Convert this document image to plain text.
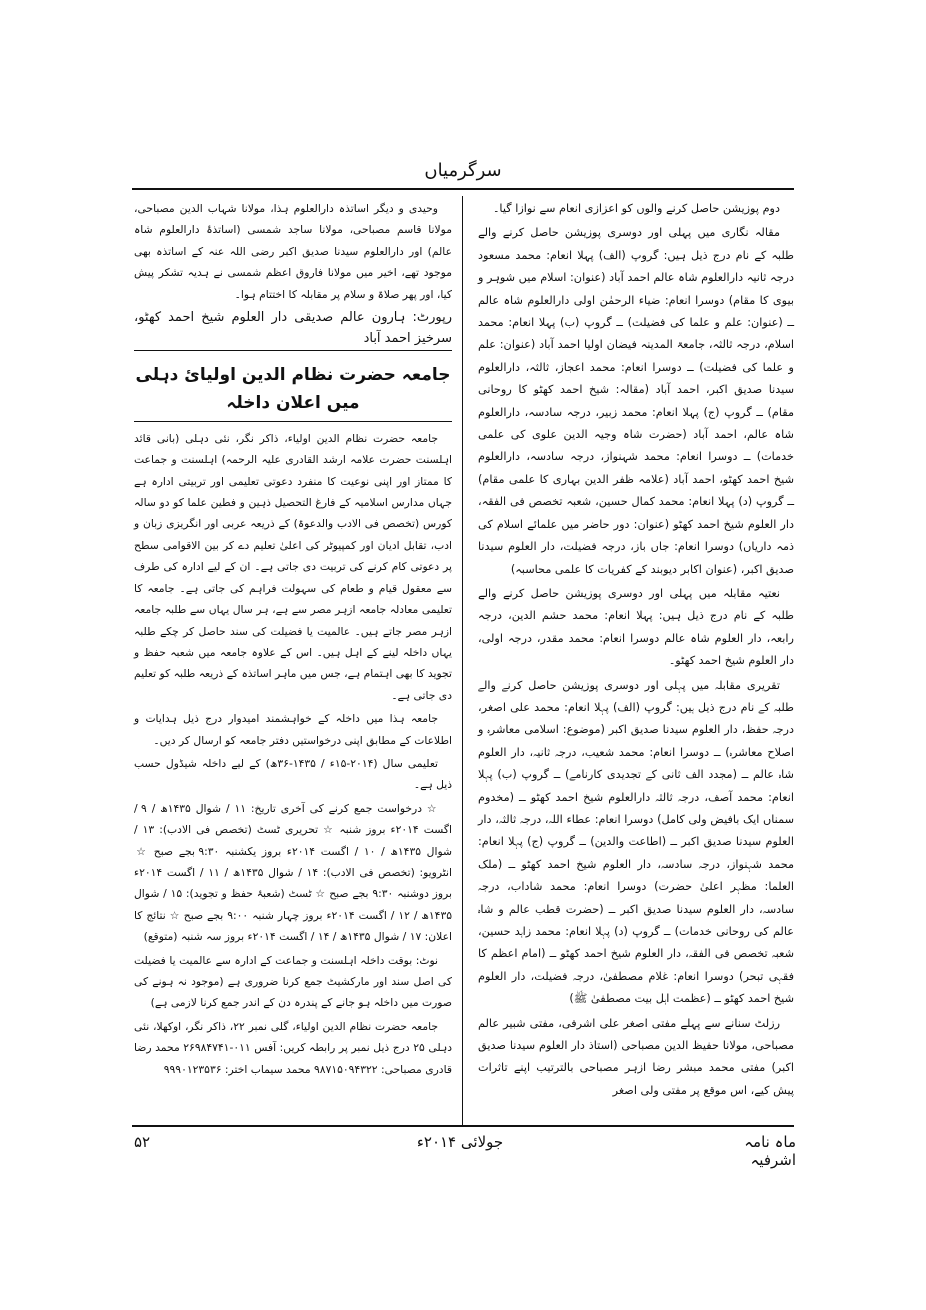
سرگرمیاں

دوم پوزیشن حاصل کرنے والوں کو اعزازی انعام سے نوازا گیا۔

مقالہ نگاری میں پہلی اور دوسری پوزیشن حاصل کرنے والے طلبہ کے نام درج ذیل ہیں: گروپ (الف) پہلا انعام: محمد مسعود درجہ ثانیہ دارالعلوم شاہ عالم احمد آباد (عنوان: اسلام میں شوہر و بیوی کا مقام) دوسرا انعام: ضیاء الرحمٰن اولی دارالعلوم شاہ عالم ــ (عنوان: علم و علما کی فضیلت) ــ گروپ (ب) پہلا انعام: محمد اسلام، درجہ ثالثہ، جامعۃ المدینہ فیضان اولیا احمد آباد (عنوان: علم و علما کی فضیلت) ــ دوسرا انعام: محمد اعجاز، ثالثہ، دارالعلوم سیدنا صدیق اکبر، احمد آباد (مقالہ: شیخ احمد کھٹو کا روحانی مقام) ــ گروپ (ج) پہلا انعام: محمد زبیر، درجہ سادسہ، دارالعلوم شاہ عالم، احمد آباد (حضرت شاہ وجیہ الدین علوی کی علمی خدمات) ــ دوسرا انعام: محمد شہنواز، درجہ سادسہ، دارالعلوم شیخ احمد کھٹو، احمد آباد (علامہ ظفر الدین بہاری کا علمی مقام) ــ گروپ (د) پہلا انعام: محمد کمال حسین، شعبہ تخصص فی الفقہ، دار العلوم شیخ احمد کھٹو (عنوان: دور حاضر میں علمائے اسلام کی ذمہ داریاں) دوسرا انعام: جاں باز، درجہ فضیلت، دار العلوم سیدنا صدیق اکبر، (عنوان اکابر دیوبند کے کفریات کا علمی محاسبہ)

نعتیہ مقابلہ میں پہلی اور دوسری پوزیشن حاصل کرنے والے طلبہ کے نام درج ذیل ہیں: پہلا انعام: محمد حشم الدین، درجہ رابعہ، دار العلوم شاہ عالم دوسرا انعام: محمد مقدر، درجہ اولی، دار العلوم شیخ احمد کھٹو۔

تقریری مقابلہ میں پہلی اور دوسری پوزیشن حاصل کرنے والے طلبہ کے نام درج ذیل ہیں: گروپ (الف) پہلا انعام: محمد علی اصغر، درجہ حفظ، دار العلوم سیدنا صدیق اکبر (موضوع: اسلامی معاشرہ و اصلاح معاشرہ) ــ دوسرا انعام: محمد شعیب، درجہ ثانیہ، دار العلوم شاہ عالم ــ (مجدد الف ثانی کے تجدیدی کارنامے) ــ گروپ (ب) پہلا انعام: محمد آصف، درجہ ثالثہ دارالعلوم شیخ احمد کھٹو ــ (مخدوم سمناں ایک بافیض ولی کامل) دوسرا انعام: عطاء اللہ، درجہ ثالثہ، دار العلوم سیدنا صدیق اکبر ــ (اطاعت والدین) ــ گروپ (ج) پہلا انعام: محمد شہنواز، درجہ سادسہ، دار العلوم شیخ احمد کھٹو ــ (ملک العلما: مظہر اعلیٰ حضرت) دوسرا انعام: محمد شاداب، درجہ سادسہ، دار العلوم سیدنا صدیق اکبر ــ (حضرت قطب عالم و شاہ عالم کی روحانی خدمات) ــ گروپ (د) پہلا انعام: محمد زاہد حسین، شعبہ تخصص فی الفقہ، دار العلوم شیخ احمد کھٹو ــ (امام اعظم کا فقہی تبحر) دوسرا انعام: غلام مصطفیٰ، درجہ فضیلت، دار العلوم شیخ احمد کھٹو ــ (عظمت اہل بیت مصطفیٰ ﷺ)

رزلٹ سنانے سے پہلے مفتی اصغر علی اشرفی، مفتی شبیر عالم مصباحی، مولانا حفیظ الدین مصباحی (استاذ دار العلوم سیدنا صدیق اکبر) مفتی محمد مبشر رضا ازہر مصباحی بالترتیب اپنے تاثرات پیش کیے، اس موقع پر مفتی ولی اصغر

وحیدی و دیگر اساتذہ دارالعلوم ہذا، مولانا شہاب الدین مصباحی، مولانا قاسم مصباحی، مولانا ساجد شمسی (اساتذۂ دارالعلوم شاہ عالم) اور دارالعلوم سیدنا صدیق اکبر رضی اللہ عنہ کے اساتذہ بھی موجود تھے، اخیر میں مولانا فاروق اعظم شمسی نے ہدیہ تشکر پیش کیا، اور پھر صلاۃ و سلام پر مقابلہ کا اختتام ہوا۔

رپورٹ: ہارون عالم صدیقی دار العلوم شیخ احمد کھٹو، سرخیز احمد آباد

جامعہ حضرت نظام الدین اولیائ دہلی میں اعلان داخلہ

جامعہ حضرت نظام الدین اولیاء، ذاکر نگر، نئی دہلی (بانی قائد اہلسنت حضرت علامہ ارشد القادری علیہ الرحمہ) اہلسنت و جماعت کا ممتاز اور اپنی نوعیت کا منفرد دعوتی تعلیمی اور تربیتی ادارہ ہے جہاں مدارس اسلامیہ کے فارغ التحصیل ذہین و فطین علما کو دو سالہ کورس (تخصص فی الادب والدعوۃ) کے ذریعہ عربی اور انگریزی زبان و ادب، تقابل ادیان اور کمپیوٹر کی اعلیٰ تعلیم دے کر بین الاقوامی سطح پر دعوتی کام کرنے کی تربیت دی جاتی ہے۔ ان کے لیے ادارہ کی طرف سے معقول قیام و طعام کی سہولت فراہم کی جاتی ہے۔ جامعہ کا تعلیمی معادلہ جامعہ ازہر مصر سے ہے، ہر سال یہاں سے طلبہ جامعہ ازہر مصر جاتے ہیں۔ عالمیت یا فضیلت کی سند حاصل کر چکے طلبہ یہاں داخلہ لینے کے اہل ہیں۔ اس کے علاوہ جامعہ میں شعبہ حفظ و تجوید کا بھی اہتمام ہے، جس میں ماہر اساتذہ کے ذریعہ طلبہ کو تعلیم دی جاتی ہے۔

جامعہ ہذا میں داخلہ کے خواہشمند امیدوار درج ذیل ہدایات و اطلاعات کے مطابق اپنی درخواستیں دفتر جامعہ کو ارسال کر دیں۔

تعلیمی سال (۲۰۱۴-۱۵ء / ۱۴۳۵-۳۶ھ) کے لیے داخلہ شیڈول حسب ذیل ہے۔

☆ درخواست جمع کرنے کی آخری تاریخ: ۱۱ / شوال ۱۴۳۵ھ / ۹ / اگست ۲۰۱۴ء بروز شنبہ ☆ تحریری ٹسٹ (تخصص فی الادب): ۱۳ / شوال ۱۴۳۵ھ / ۱۰ / اگست ۲۰۱۴ء بروز یکشنبہ ۹:۳۰ بجے صبح ☆ انٹرویو: (تخصص فی الادب): ۱۴ / شوال ۱۴۳۵ھ / ۱۱ / اگست ۲۰۱۴ء بروز دوشنبہ ۹:۳۰ بجے صبح ☆ ٹسٹ (شعبۂ حفظ و تجوید): ۱۵ / شوال ۱۴۳۵ھ / ۱۲ / اگست ۲۰۱۴ء بروز چہار شنبہ ۹:۰۰ بجے صبح ☆ نتائج کا اعلان: ۱۷ / شوال ۱۴۳۵ھ / ۱۴ / اگست ۲۰۱۴ء بروز سہ شنبہ (متوقع)

نوٹ: بوقت داخلہ اہلسنت و جماعت کے ادارہ سے عالمیت یا فضیلت کی اصل سند اور مارکشیٹ جمع کرنا ضروری ہے (موجود نہ ہونے کی صورت میں داخلہ ہو جانے کے پندرہ دن کے اندر جمع کرنا لازمی ہے)

جامعہ حضرت نظام الدین اولیاء، گلی نمبر ۲۲، ذاکر نگر، اوکھلا، نئی دہلی ۲۵ درج ذیل نمبر پر رابطہ کریں: آفس ۰۱۱-۲۶۹۸۴۷۴۱ محمد رضا قادری مصباحی: ۹۸۷۱۵۰۹۴۳۲۲ محمد سیماب اختر: ۹۹۹۰۱۲۳۵۳۶

ماہ نامہ اشرفیہ
جولائی ۲۰۱۴ء
۵۲
